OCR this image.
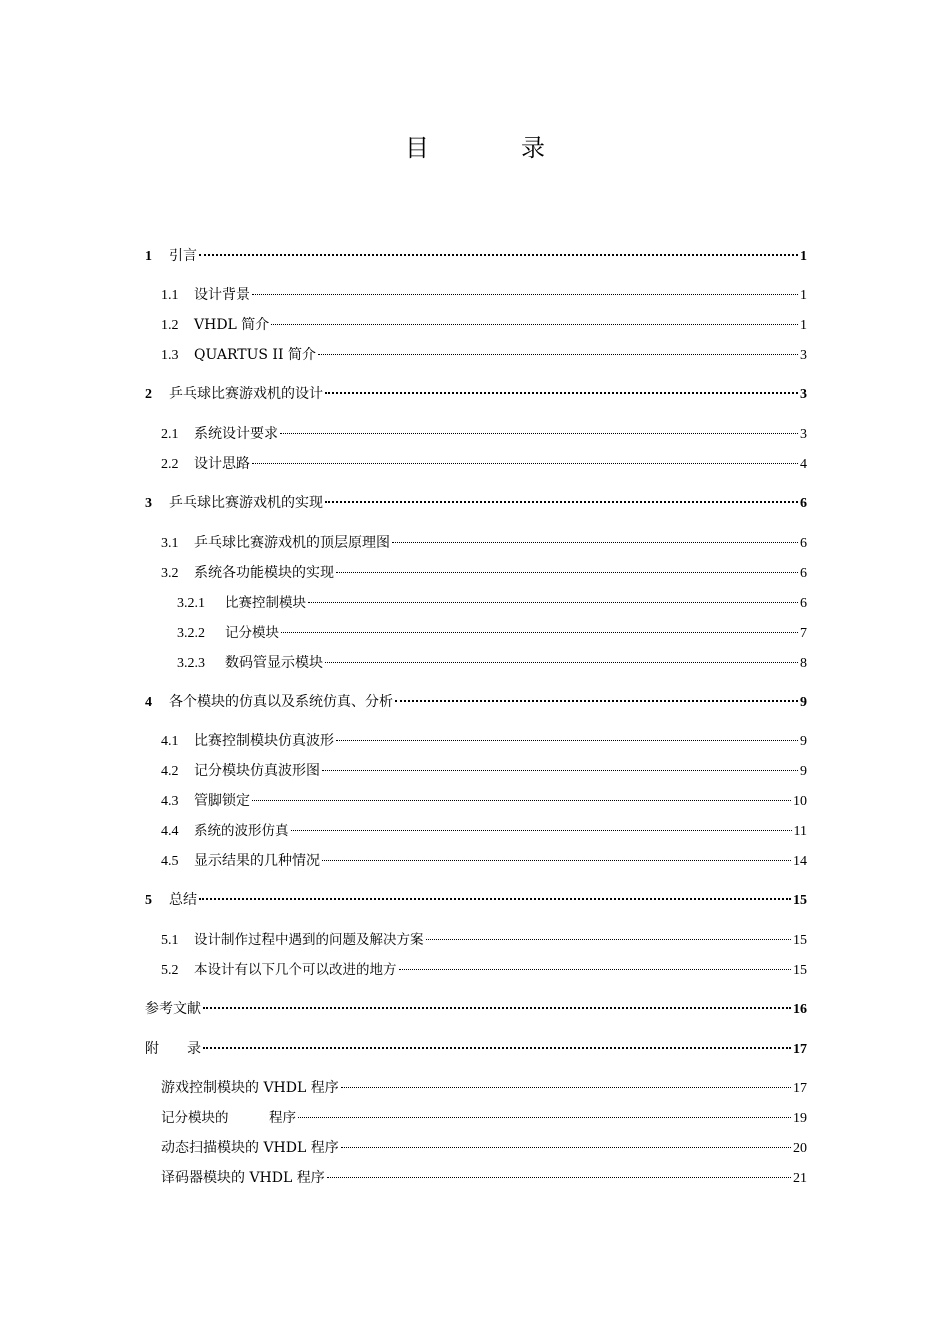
目　录
1	引言	1
1.1	设计背景	1
1.2	VHDL 简介	1
1.3	QUARTUS II 简介	3
2	乒乓球比赛游戏机的设计	3
2.1	系统设计要求	3
2.2	设计思路	4
3	乒乓球比赛游戏机的实现	6
3.1	乒乓球比赛游戏机的顶层原理图	6
3.2	系统各功能模块的实现	6
3.2.1	比赛控制模块	6
3.2.2	记分模块	7
3.2.3	数码管显示模块	8
4	各个模块的仿真以及系统仿真、分析	9
4.1	比赛控制模块仿真波形	9
4.2	记分模块仿真波形图	9
4.3	管脚锁定	10
4.4	系统的波形仿真	11
4.5	显示结果的几种情况	14
5	总结	15
5.1	设计制作过程中遇到的问题及解决方案	15
5.2	本设计有以下几个可以改进的地方	15
参考文献	16
附　　录	17
游戏控制模块的 VHDL 程序	17
记分模块的　　　程序	19
动态扫描模块的 VHDL 程序	20
译码器模块的 VHDL 程序	21
